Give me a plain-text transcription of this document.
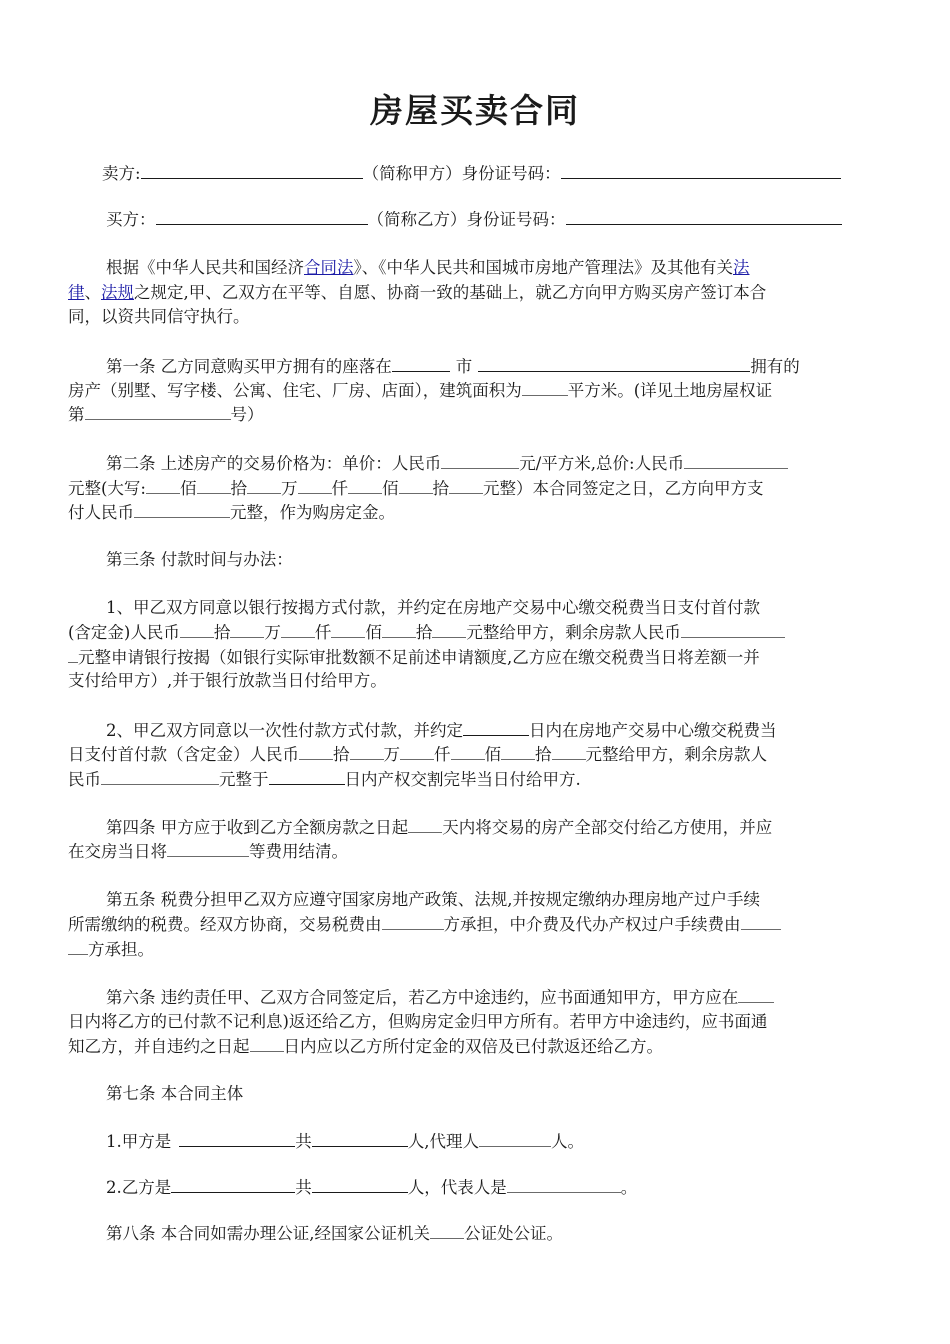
房屋买卖合同
卖方:	（简称甲方）身份证号码：
买方：	（简称乙方）身份证号码：
根据《中华人民共和国经济合同法》、《中华人民共和国城市房地产管理法》及其他有关法
律、法规之规定,甲、乙双方在平等、自愿、协商一致的基础上，就乙方向甲方购买房产签订本合
同，以资共同信守执行。
第一条 乙方同意购买甲方拥有的座落在	市	拥有的
房产（别墅、写字楼、公寓、住宅、厂房、店面），建筑面积为	平方米。(详见土地房屋权证
第	号）
第二条 上述房产的交易价格为：单价：人民币	元/平方米,总价:人民币
元整(大写: 佰 拾 万 仟 佰 拾 元整）本合同签定之日，乙方向甲方支
付人民币	元整，作为购房定金。
第三条 付款时间与办法：
1、甲乙双方同意以银行按揭方式付款，并约定在房地产交易中心缴交税费当日支付首付款
(含定金)人民币 拾 万 仟 佰 拾 元整给甲方，剩余房款人民币
元整申请银行按揭（如银行实际审批数额不足前述申请额度,乙方应在缴交税费当日将差额一并
支付给甲方）,并于银行放款当日付给甲方。
2、甲乙双方同意以一次性付款方式付款，并约定	日内在房地产交易中心缴交税费当
日支付首付款（含定金）人民币 拾 万 仟 佰 拾 元整给甲方，剩余房款人
民币	元整于	日内产权交割完毕当日付给甲方.
第四条 甲方应于收到乙方全额房款之日起 天内将交易的房产全部交付给乙方使用，并应
在交房当日将	等费用结清。
第五条 税费分担甲乙双方应遵守国家房地产政策、法规,并按规定缴纳办理房地产过户手续
所需缴纳的税费。经双方协商，交易税费由	方承担，中介费及代办产权过户手续费由
方承担。
第六条 违约责任甲、乙双方合同签定后，若乙方中途违约，应书面通知甲方，甲方应在
日内将乙方的已付款不记利息)返还给乙方，但购房定金归甲方所有。若甲方中途违约，应书面通
知乙方，并自违约之日起 日内应以乙方所付定金的双倍及已付款返还给乙方。
第七条 本合同主体
1.甲方是	共	人,代理人	人。
2.乙方是	共	人，代表人是	。
第八条 本合同如需办理公证,经国家公证机关 公证处公证。
